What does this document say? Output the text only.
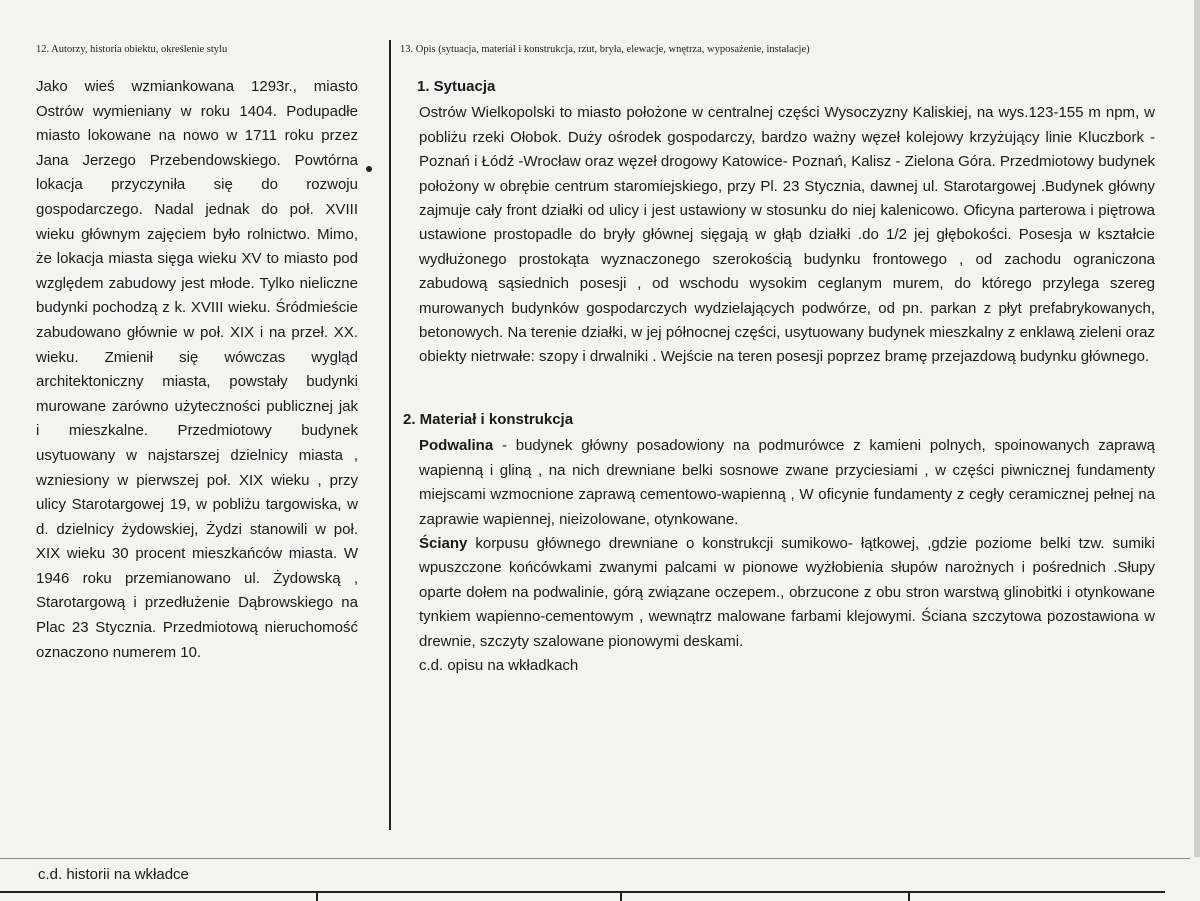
12. Autorzy, historia obiektu, określenie stylu	13. Opis (sytuacja, materiał i konstrukcja, rzut, bryła, elewacje, wnętrza, wyposażenie, instalacje)

Jako wieś wzmiankowana 1293r., miasto Ostrów wymieniany w roku 1404. Podupadłe miasto lokowane na nowo w 1711 roku przez Jana Jerzego Przebendowskiego. Powtórna lokacja przyczyniła się do rozwoju gospodarczego. Nadal jednak do poł. XVIII wieku głównym zajęciem było rolnictwo. Mimo, że lokacja miasta sięga wieku XV to miasto pod względem zabudowy jest młode. Tylko nieliczne budynki pochodzą z k. XVIII wieku. Śródmieście zabudowano głównie w poł. XIX i na przeł. XX. wieku. Zmienił się wówczas wygląd architektoniczny miasta, powstały budynki murowane zarówno użyteczności publicznej jak i mieszkalne. Przedmiotowy budynek usytuowany w najstarszej dzielnicy miasta , wzniesiony w pierwszej poł. XIX wieku , przy ulicy Starotargowej 19, w pobliżu targowiska, w d. dzielnicy żydowskiej, Żydzi stanowili w poł. XIX wieku 30 procent mieszkańców miasta. W 1946 roku przemianowano ul. Żydowską , Starotargową i przedłużenie Dąbrowskiego na Plac 23 Stycznia. Przedmiotową nieruchomość oznaczono numerem 10.

1. Sytuacja

Ostrów Wielkopolski to miasto położone w centralnej części Wysoczyzny Kaliskiej, na wys.123-155 m npm, w pobliżu rzeki Ołobok. Duży ośrodek gospodarczy, bardzo ważny węzeł kolejowy krzyżujący linie Kluczbork -Poznań i Łódź -Wrocław oraz węzeł drogowy Katowice- Poznań, Kalisz - Zielona Góra. Przedmiotowy budynek położony w obrębie centrum staromiejskiego, przy Pl. 23 Stycznia, dawnej ul. Starotargowej .Budynek główny zajmuje cały front działki od ulicy i jest ustawiony w stosunku do niej kalenicowo. Oficyna parterowa i piętrowa ustawione prostopadle do bryły głównej sięgają w głąb działki .do 1/2 jej głębokości. Posesja w kształcie wydłużonego prostokąta wyznaczonego szerokością budynku frontowego , od zachodu ograniczona zabudową sąsiednich posesji , od wschodu wysokim ceglanym murem, do którego przylega szereg murowanych budynków gospodarczych wydzielających podwórze, od pn. parkan z płyt prefabrykowanych, betonowych. Na terenie działki, w jej północnej części, usytuowany budynek mieszkalny z enklawą zieleni oraz obiekty nietrwałe: szopy i drwalniki . Wejście na teren posesji poprzez bramę przejazdową budynku głównego.

2. Materiał i konstrukcja

Podwalina - budynek główny posadowiony na podmurówce z kamieni polnych, spoinowanych zaprawą wapienną i gliną , na nich drewniane belki sosnowe zwane przyciesiami , w części piwnicznej fundamenty miejscami wzmocnione zaprawą cementowo-wapienną , W oficynie fundamenty z cegły ceramicznej pełnej na zaprawie wapiennej, nieizolowane, otynkowane.

Ściany korpusu głównego drewniane o konstrukcji sumikowo- łątkowej, ,gdzie poziome belki tzw. sumiki wpuszczone końcówkami zwanymi palcami w pionowe wyżłobienia słupów narożnych i pośrednich .Słupy oparte dołem na podwalinie, górą związane oczepem., obrzucone z obu stron warstwą glinobitki i otynkowane tynkiem wapienno-cementowym , wewnątrz malowane farbami klejowymi. Ściana szczytowa pozostawiona w drewnie, szczyty szalowane pionowymi deskami.

c.d. opisu na wkładkach

c.d. historii na wkładce
